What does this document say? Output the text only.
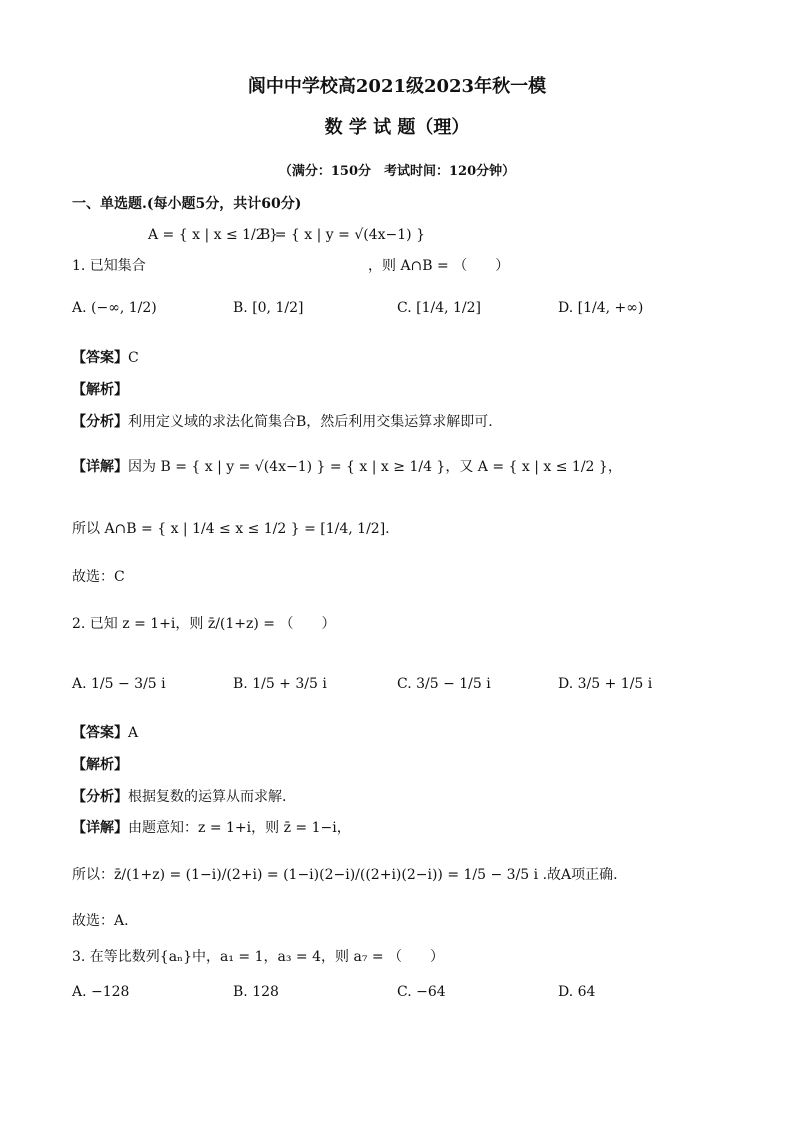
阆中中学校高2021级2023年秋一模
数 学 试 题（理）
（满分：150分　考试时间：120分钟）
一、单选题.(每小题5分，共计60分)
1. 已知集合
A = { x | x ≤ 1/2 }
B = { x | y = √(4x−1) }
，则 A∩B = （　　）
A. (−∞, 1/2)	B. [0, 1/2]	C. [1/4, 1/2]	D. [1/4, +∞)
【答案】C
【解析】
【分析】利用定义域的求法化简集合B，然后利用交集运算求解即可.
【详解】因为 B = { x | y = √(4x−1) } = { x | x ≥ 1/4 }，又 A = { x | x ≤ 1/2 }，
所以 A∩B = { x | 1/4 ≤ x ≤ 1/2 } = [1/4, 1/2].
故选：C
2. 已知 z = 1+i，则 z̄/(1+z) = （　　）
A. 1/5 − 3/5 i	B. 1/5 + 3/5 i	C. 3/5 − 1/5 i	D. 3/5 + 1/5 i
【答案】A
【解析】
【分析】根据复数的运算从而求解.
【详解】由题意知：z = 1+i，则 z̄ = 1−i，
所以：z̄/(1+z) = (1−i)/(2+i) = (1−i)(2−i)/((2+i)(2−i)) = 1/5 − 3/5 i .故A项正确.
故选：A.
3. 在等比数列{aₙ}中，a₁ = 1，a₃ = 4，则 a₇ = （　　）
A. −128	B. 128	C. −64	D. 64
